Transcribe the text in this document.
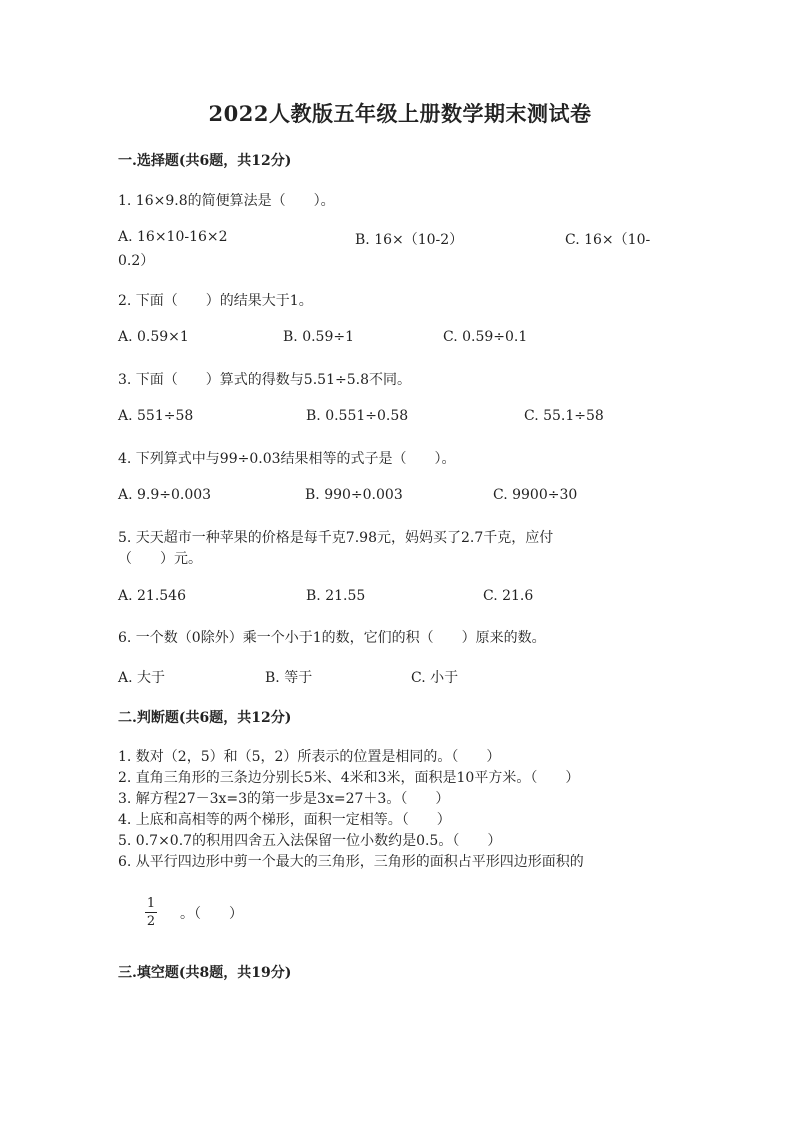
2022人教版五年级上册数学期末测试卷
一.选择题(共6题，共12分)
1. 16×9.8的简便算法是（　　）。
A. 16×10-16×2	B. 16×（10-2）	C. 16×（10-
0.2）
2. 下面（　　）的结果大于1。
A. 0.59×1	B. 0.59÷1	C. 0.59÷0.1
3. 下面（　　）算式的得数与5.51÷5.8不同。
A. 551÷58	B. 0.551÷0.58	C. 55.1÷58
4. 下列算式中与99÷0.03结果相等的式子是（　　）。
A. 9.9÷0.003	B. 990÷0.003	C. 9900÷30
5. 天天超市一种苹果的价格是每千克7.98元，妈妈买了2.7千克，应付
（　　）元。
A. 21.546	B. 21.55	C. 21.6
6. 一个数（0除外）乘一个小于1的数，它们的积（　　）原来的数。
A. 大于	B. 等于	C. 小于
二.判断题(共6题，共12分)
1. 数对（2，5）和（5，2）所表示的位置是相同的。（　　）
2. 直角三角形的三条边分别长5米、4米和3米，面积是10平方米。（　　）
3. 解方程27－3x=3的第一步是3x=27＋3。（　　）
4. 上底和高相等的两个梯形，面积一定相等。（　　）
5. 0.7×0.7的积用四舍五入法保留一位小数约是0.5。（　　）
6. 从平行四边形中剪一个最大的三角形，三角形的面积占平形四边形面积的
1
2 。（　　）
三.填空题(共8题，共19分)
